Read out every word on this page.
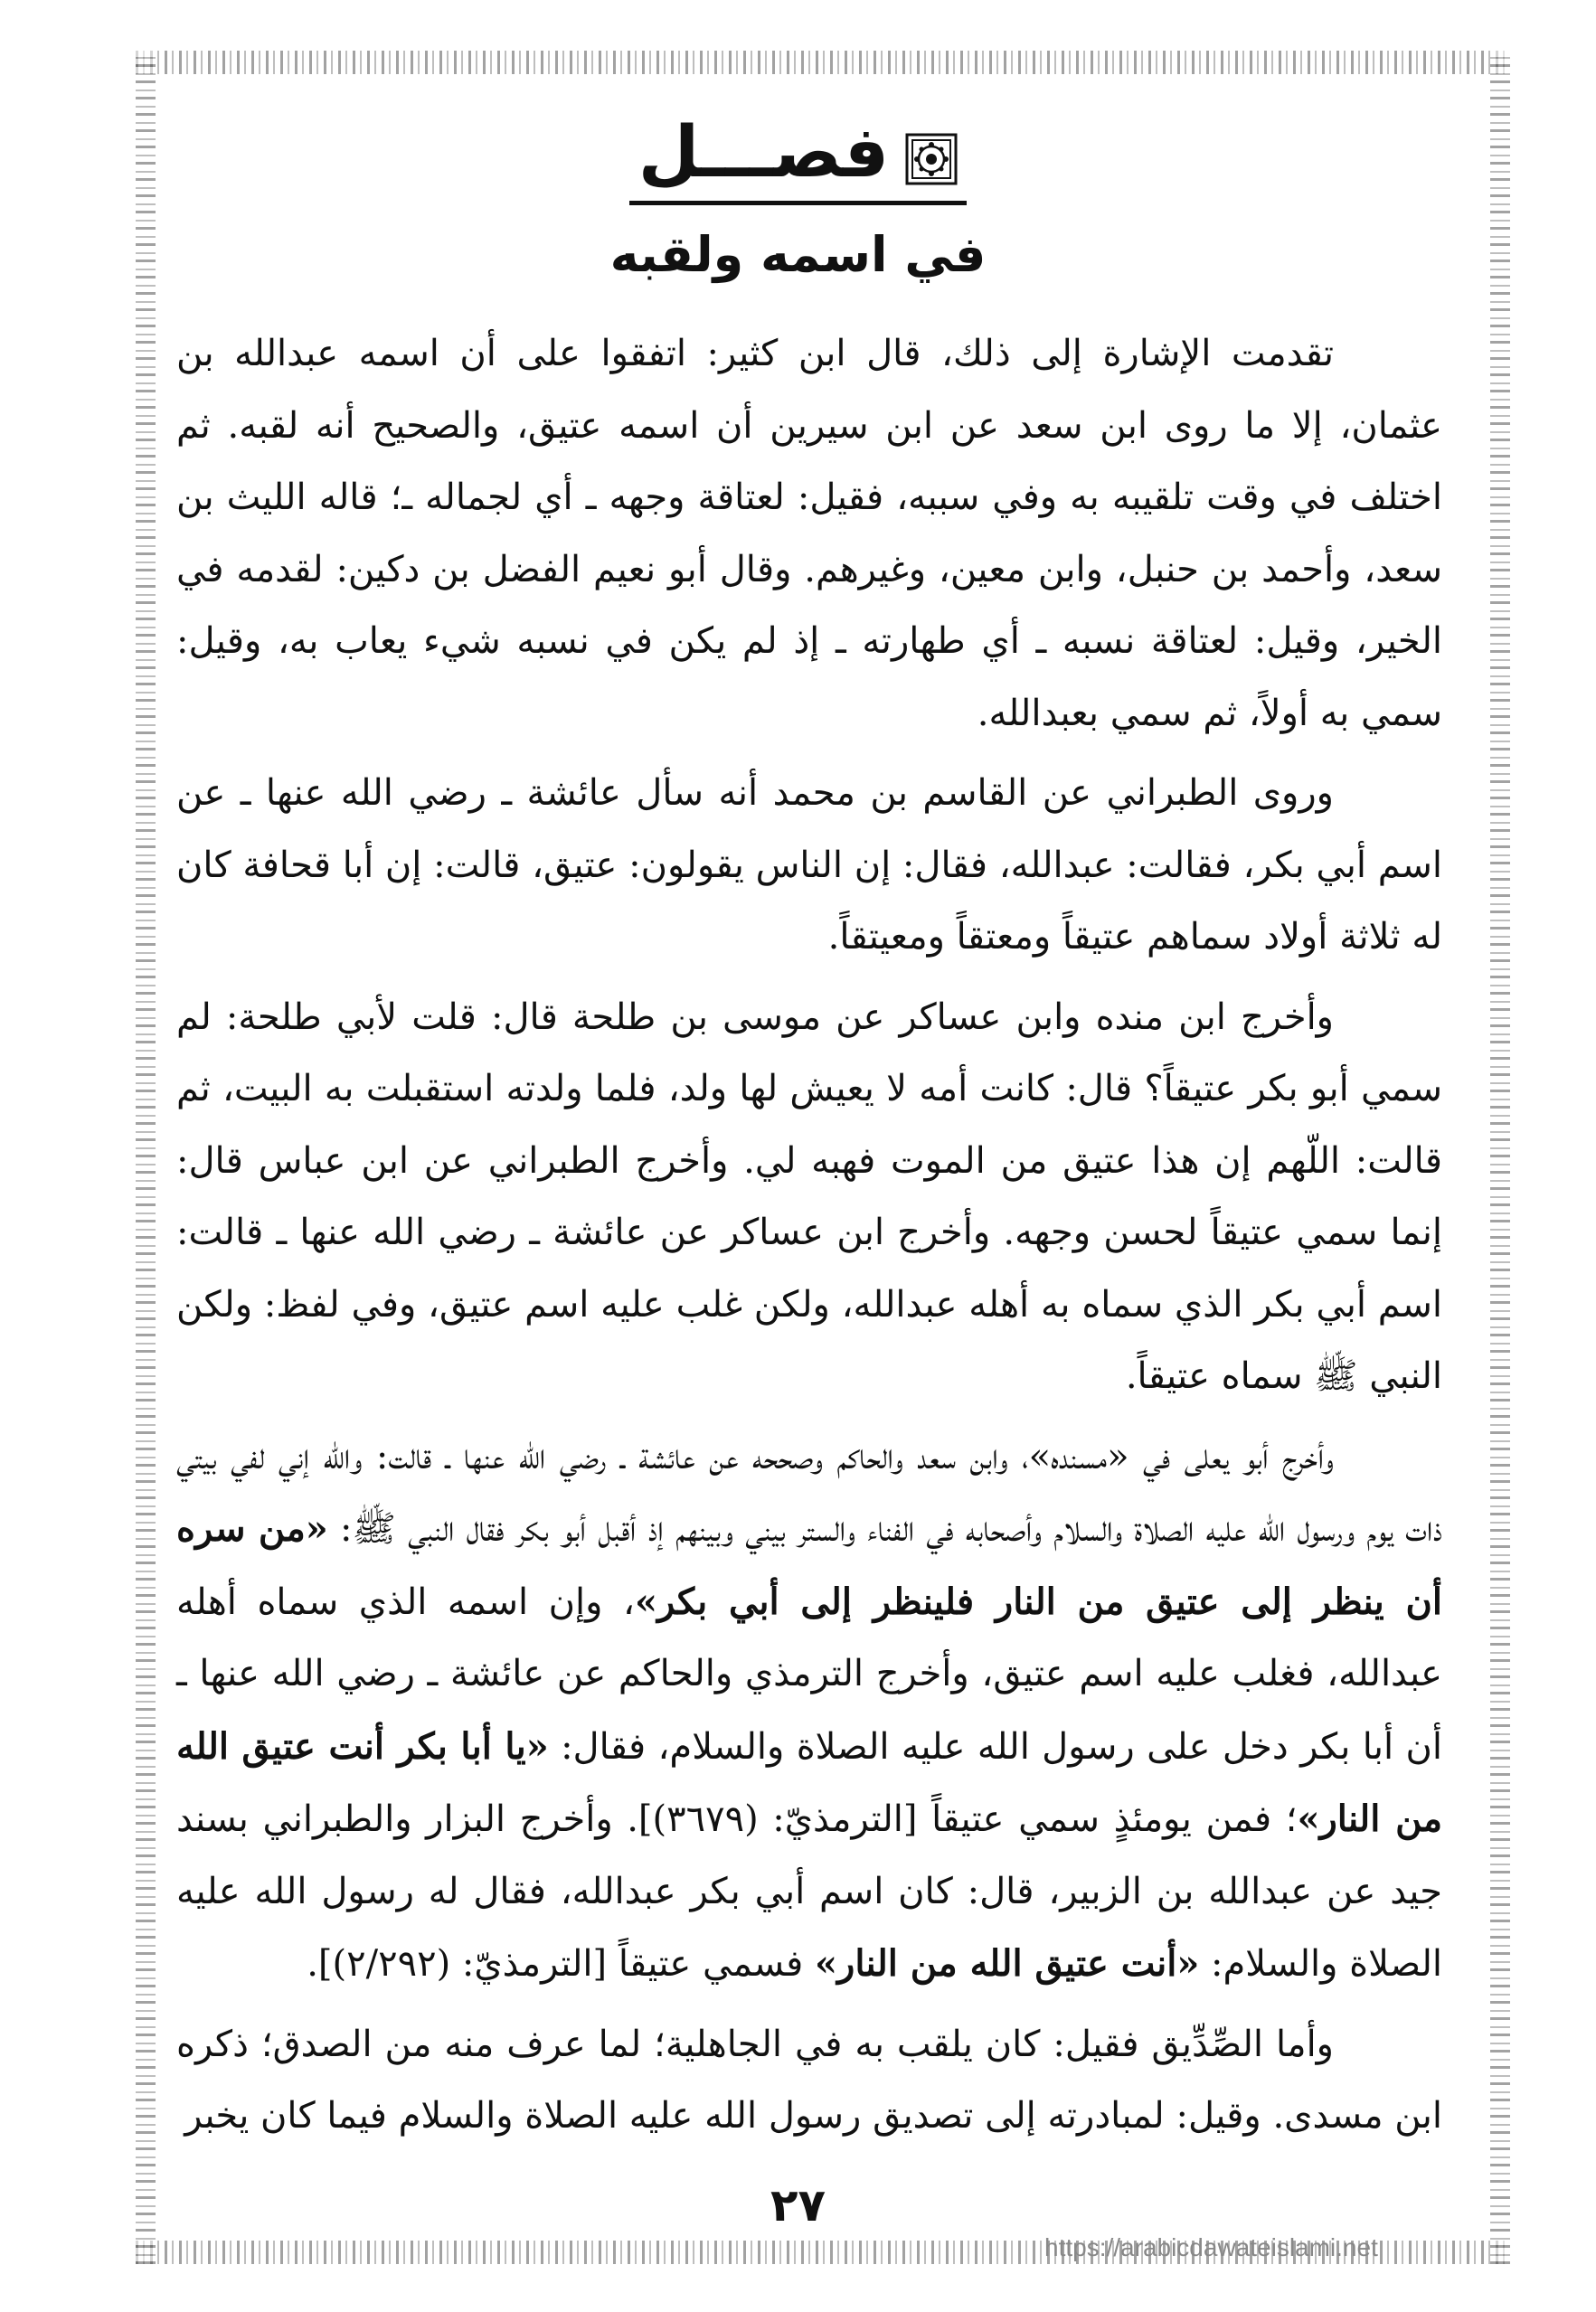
فصـــل
في اسمه ولقبه

تقدمت الإشارة إلى ذلك، قال ابن كثير: اتفقوا على أن اسمه عبدالله بن عثمان، إلا ما روى ابن سعد عن ابن سيرين أن اسمه عتيق، والصحيح أنه لقبه. ثم اختلف في وقت تلقيبه به وفي سببه، فقيل: لعتاقة وجهه ـ أي لجماله ـ؛ قاله الليث بن سعد، وأحمد بن حنبل، وابن معين، وغيرهم. وقال أبو نعيم الفضل بن دكين: لقدمه في الخير، وقيل: لعتاقة نسبه ـ أي طهارته ـ إذ لم يكن في نسبه شيء يعاب به، وقيل: سمي به أولاً، ثم سمي بعبدالله.

وروى الطبراني عن القاسم بن محمد أنه سأل عائشة ـ رضي الله عنها ـ عن اسم أبي بكر، فقالت: عبدالله، فقال: إن الناس يقولون: عتيق، قالت: إن أبا قحافة كان له ثلاثة أولاد سماهم عتيقاً ومعتقاً ومعيتقاً.

وأخرج ابن منده وابن عساكر عن موسى بن طلحة قال: قلت لأبي طلحة: لم سمي أبو بكر عتيقاً؟ قال: كانت أمه لا يعيش لها ولد، فلما ولدته استقبلت به البيت، ثم قالت: اللّهم إن هذا عتيق من الموت فهبه لي. وأخرج الطبراني عن ابن عباس قال: إنما سمي عتيقاً لحسن وجهه. وأخرج ابن عساكر عن عائشة ـ رضي الله عنها ـ قالت: اسم أبي بكر الذي سماه به أهله عبدالله، ولكن غلب عليه اسم عتيق، وفي لفظ: ولكن النبي ﷺ سماه عتيقاً.

وأخرج أبو يعلى في «مسنده»، وابن سعد والحاكم وصححه عن عائشة ـ رضي الله عنها ـ قالت: والله إني لفي بيتي ذات يوم ورسول الله عليه الصلاة والسلام وأصحابه في الفناء والستر بيني وبينهم إذ أقبل أبو بكر فقال النبي ﷺ: «من سره أن ينظر إلى عتيق من النار فلينظر إلى أبي بكر»، وإن اسمه الذي سماه أهله عبدالله، فغلب عليه اسم عتيق، وأخرج الترمذي والحاكم عن عائشة ـ رضي الله عنها ـ أن أبا بكر دخل على رسول الله عليه الصلاة والسلام، فقال: «يا أبا بكر أنت عتيق الله من النار»؛ فمن يومئذٍ سمي عتيقاً [الترمذيّ: (٣٦٧٩)]. وأخرج البزار والطبراني بسند جيد عن عبدالله بن الزبير، قال: كان اسم أبي بكر عبدالله، فقال له رسول الله عليه الصلاة والسلام: «أنت عتيق الله من النار» فسمي عتيقاً [الترمذيّ: (٢/٢٩٢)].

وأما الصِّدِّيق فقيل: كان يلقب به في الجاهلية؛ لما عرف منه من الصدق؛ ذكره ابن مسدى. وقيل: لمبادرته إلى تصديق رسول الله عليه الصلاة والسلام فيما كان يخبر

٢٧
https://arabicdawateislami.net
